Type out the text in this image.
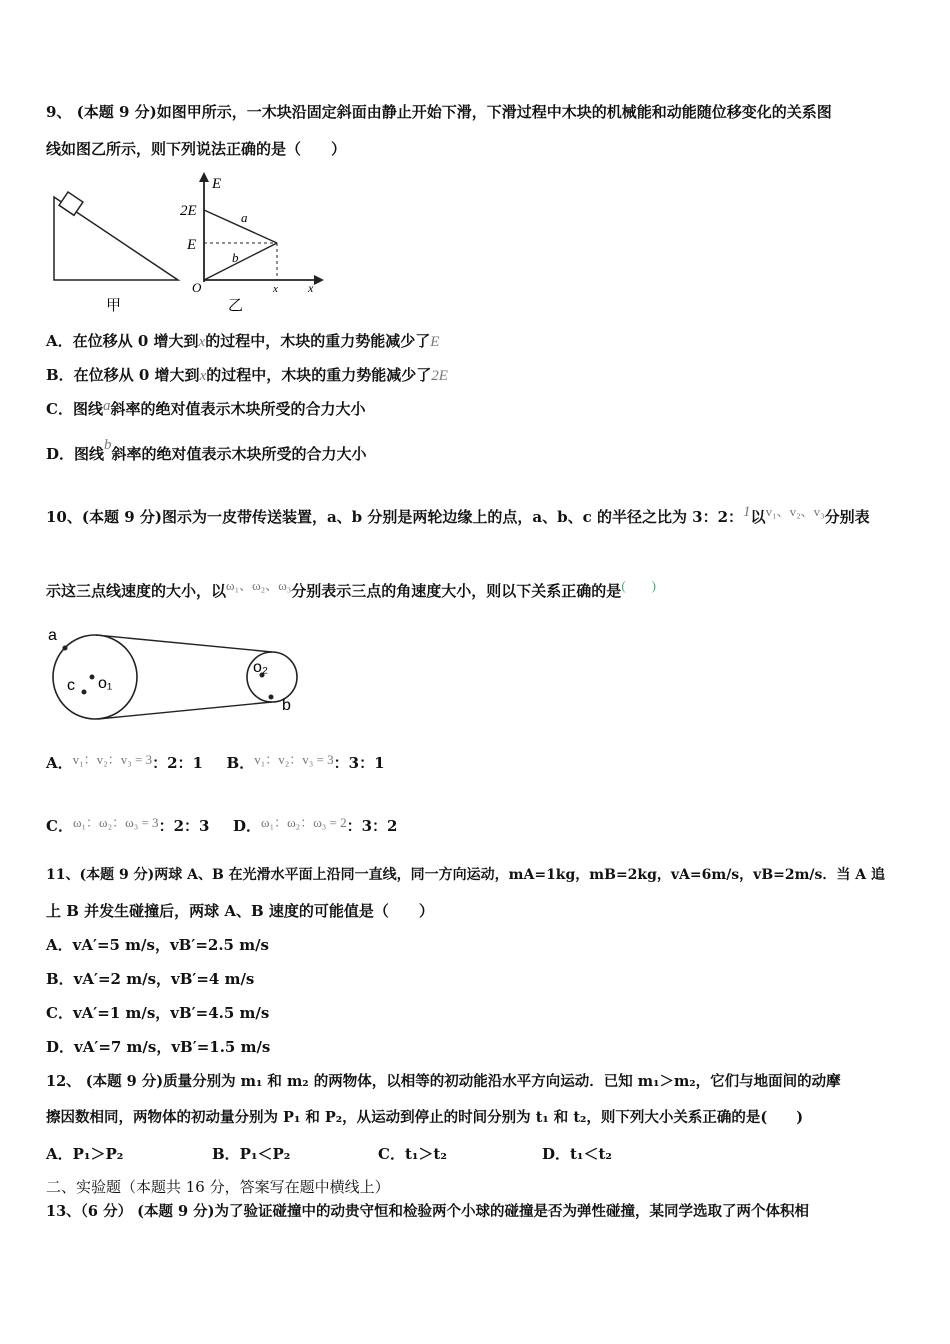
9、 (本题 9 分)如图甲所示，一木块沿固定斜面由静止开始下滑，下滑过程中木块的机械能和动能随位移变化的关系图
线如图乙所示，则下列说法正确的是（　　）
甲
E
2E
E
O	x	x
a
b
乙
A．在位移从 0 增大到x的过程中，木块的重力势能减少了E
B．在位移从 0 增大到x的过程中，木块的重力势能减少了2E
C．图线a斜率的绝对值表示木块所受的合力大小
D．图线b斜率的绝对值表示木块所受的合力大小
10、(本题 9 分)图示为一皮带传送装置，a、b 分别是两轮边缘上的点，a、b、c 的半径之比为 3：2：1以v₁、v₂、v₃分别表
示这三点线速度的大小，以ω₁、ω₂、ω₃分别表示三点的角速度大小，则以下关系正确的是(　　)
a
c o₁
o₂
b
A．v₁：v₂：v₃ = 3：2：1 B．v₁：v₂：v₃ = 3：3：1
C．ω₁：ω₂：ω₃ = 3：2：3 D．ω₁：ω₂：ω₃ = 2：3：2
11、(本题 9 分)两球 A、B 在光滑水平面上沿同一直线，同一方向运动，mA=1kg，mB=2kg，vA=6m/s，vB=2m/s．当 A 追
上 B 并发生碰撞后，两球 A、B 速度的可能值是（　　）
A．vA′=5 m/s，vB′=2.5 m/s
B．vA′=2 m/s，vB′=4 m/s
C．vA′=1 m/s，vB′=4.5 m/s
D．vA′=7 m/s，vB′=1.5 m/s
12、 (本题 9 分)质量分别为 m₁ 和 m₂ 的两物体，以相等的初动能沿水平方向运动．已知 m₁＞m₂，它们与地面间的动摩
擦因数相同，两物体的初动量分别为 P₁ 和 P₂，从运动到停止的时间分别为 t₁ 和 t₂，则下列大小关系正确的是(　　)
A．P₁＞P₂	B．P₁＜P₂	C．t₁＞t₂	D．t₁＜t₂
二、实验题（本题共 16 分，答案写在题中横线上）
13、（6 分） (本题 9 分)为了验证碰撞中的动贵守恒和检验两个小球的碰撞是否为弹性碰撞，某同学选取了两个体积相
